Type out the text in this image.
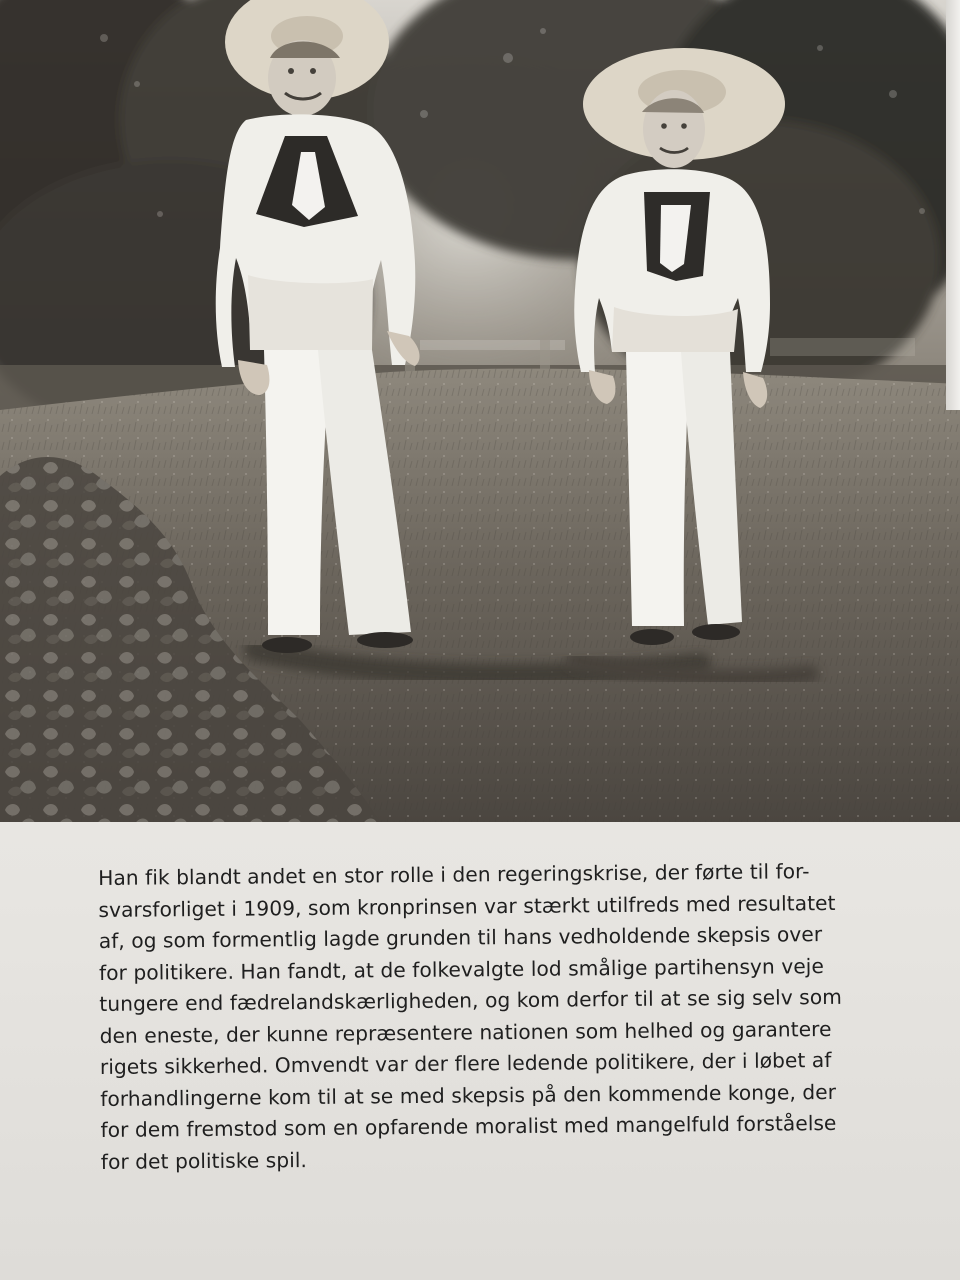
Han fik blandt andet en stor rolle i den regeringskrise, der førte til for-
svarsforliget i 1909, som kronprinsen var stærkt utilfreds med resultatet
af, og som formentlig lagde grunden til hans vedholdende skepsis over
for politikere. Han fandt, at de folkevalgte lod smålige partihensyn veje
tungere end fædrelandskærligheden, og kom derfor til at se sig selv som
den eneste, der kunne repræsentere nationen som helhed og garantere
rigets sikkerhed. Omvendt var der flere ledende politikere, der i løbet af
forhandlingerne kom til at se med skepsis på den kommende konge, der
for dem fremstod som en opfarende moralist med mangelfuld forståelse
for det politiske spil.
